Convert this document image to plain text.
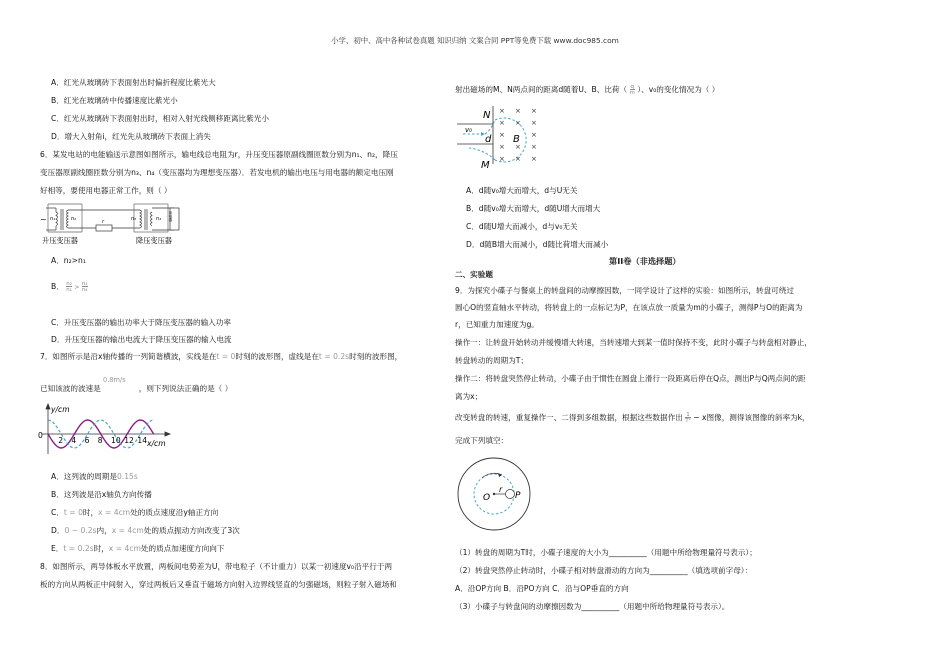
小学、初中、高中各种试卷真题 知识归纳 文案合同 PPT等免费下载 www.doc985.com
A．红光从玻璃砖下表面射出时偏折程度比紫光大
B．红光在玻璃砖中传播速度比紫光小
C．红光从玻璃砖下表面射出时，相对入射光线侧移距离比紫光小
D．增大入射角i，红光先从玻璃砖下表面上消失
6．某发电站的电能输送示意图如图所示，输电线总电阻为r，升压变压器原副线圈匝数分别为n₁、n₂，降压
变压器原副线圈匝数分别为n₃、n₄（变压器均为理想变压器）．若发电机的输出电压与用电器的额定电压刚
好相等，要使用电器正常工作，则（ ）
~ n₁	n₂	r	n₃	n₄	用电器
升压变压器	降压变压器
A．n₂>n₁
B． $\frac{\text{n₂}}{\text{n₁}} > \frac{\text{n₃}}{\text{n₄}}$
C．升压变压器的输出功率大于降压变压器的输入功率
D．升压变压器的输出电流大于降压变压器的输入电流
7．如图所示是沿x轴传播的一列简谐横波，实线是在t = 0时刻的波形图，虚线是在t = 0.2s时刻的波形图，
0.8m/s
已知该波的波速是	，则下列说法正确的是（ ）
y/cm
x/cm
0
2 4 6 8 10 12 14
A．这列波的周期是0.15s
B．这列波是沿x轴负方向传播
C．t = 0时，x = 4cm处的质点速度沿y轴正方向
D．0 ~ 0.2s内，x = 4cm处的质点振动方向改变了3次
E．t = 0.2s时，x = 4cm处的质点加速度方向向下
8．如图所示，两导体板水平放置，两板间电势差为U，带电粒子（不计重力）以某一初速度v₀沿平行于两
板的方向从两板正中间射入，穿过两板后又垂直于磁场方向射入边界线竖直的匀强磁场，则粒子射入磁场和
射出磁场的M、N两点间的距离d随着U、B、比荷（ $\frac{q}{m}$ ）、v₀的变化情况为（ ）
× × ×
× × ×
×	×
× × ×
× × ×
v₀
N
d B
M
A．d随v₀增大而增大，d与U无关
B．d随v₀增大而增大，d随U增大而增大
C．d随U增大而减小，d与v₀无关
D．d随B增大而减小，d随比荷增大而减小
第II卷（非选择题）
二、实验题
9．为探究小碟子与餐桌上的转盘间的动摩擦因数，一同学设计了这样的实验：如图所示，转盘可绕过
圆心O的竖直轴水平转动，将转盘上的一点标记为P，在该点放一质量为m的小碟子，测得P与O的距离为
r，已知重力加速度为g。
操作一：让转盘开始转动并缓慢增大转速，当转速增大到某一值时保持不变，此时小碟子与转盘相对静止，
转盘转动的周期为T；
操作二：将转盘突然停止转动，小碟子由于惯性在圆盘上滑行一段距离后停在Q点，测出P与Q两点间的距
离为x；
改变转盘的转速，重复操作一、二得到多组数据，根据这些数据作出 $\frac{1}{\text{T²}} - x$图像，测得该图像的斜率为k，
完成下列填空：
O
r
P
（1）转盘的周期为T时，小碟子速度的大小为__________（用题中所给物理量符号表示）；
（2）转盘突然停止转动时，小碟子相对转盘滑动的方向为__________（填选项前字母）：
A．沿OP方向 B．沿PO方向 C．沿与OP垂直的方向
（3）小碟子与转盘间的动摩擦因数为__________（用题中所给物理量符号表示）。
